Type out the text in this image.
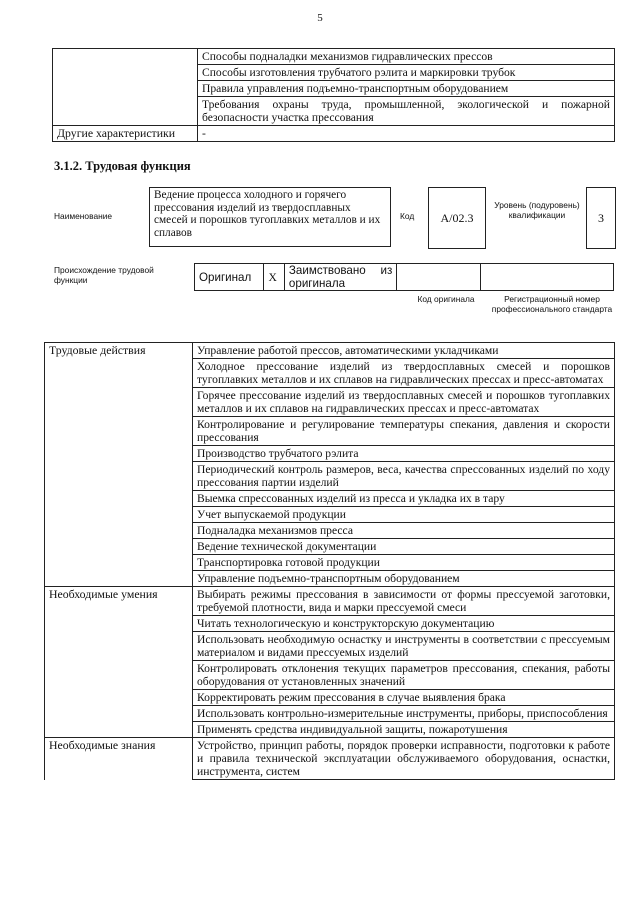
5
	Способы подналадки механизмов гидравлических прессов
	Способы изготовления трубчатого рэлита и маркировки трубок
	Правила управления подъемно-транспортным оборудованием
	Требования охраны труда, промышленной, экологической и пожарной безопасности участка прессования
Другие характеристики	-
3.1.2. Трудовая функция
Наименование
Ведение процесса холодного и горячего прессования изделий из твердосплавных смесей и порошков тугоплавких металлов и их сплавов
Код	А/02.3
Уровень (подуровень) квалификации	3
Происхождение трудовой функции	Оригинал	Х	Заимствовано из оригинала		
Код оригинала	Регистрационный номер профессионального стандарта
Трудовые действия	Управление работой прессов, автоматическими укладчиками
	Холодное прессование изделий из твердосплавных смесей и порошков тугоплавких металлов и их сплавов на гидравлических прессах и пресс-автоматах
	Горячее прессование изделий из твердосплавных смесей и порошков тугоплавких металлов и их сплавов на гидравлических прессах и пресс-автоматах
	Контролирование и регулирование температуры спекания, давления и скорости прессования
	Производство трубчатого рэлита
	Периодический контроль размеров, веса, качества спрессованных изделий по ходу прессования партии изделий
	Выемка спрессованных изделий из пресса и укладка их в тару
	Учет выпускаемой продукции
	Подналадка механизмов пресса
	Ведение технической документации
	Транспортировка готовой продукции
	Управление подъемно-транспортным оборудованием
Необходимые умения	Выбирать режимы прессования в зависимости от формы прессуемой заготовки, требуемой плотности, вида и марки прессуемой смеси
	Читать технологическую и конструкторскую документацию
	Использовать необходимую оснастку и инструменты в соответствии с прессуемым материалом и видами прессуемых изделий
	Контролировать отклонения текущих параметров прессования, спекания, работы оборудования от установленных значений
	Корректировать режим прессования в случае выявления брака
	Использовать контрольно-измерительные инструменты, приборы, приспособления
	Применять средства индивидуальной защиты, пожаротушения
Необходимые знания	Устройство, принцип работы, порядок проверки исправности, подготовки к работе и правила технической эксплуатации обслуживаемого оборудования, оснастки, инструмента, систем
